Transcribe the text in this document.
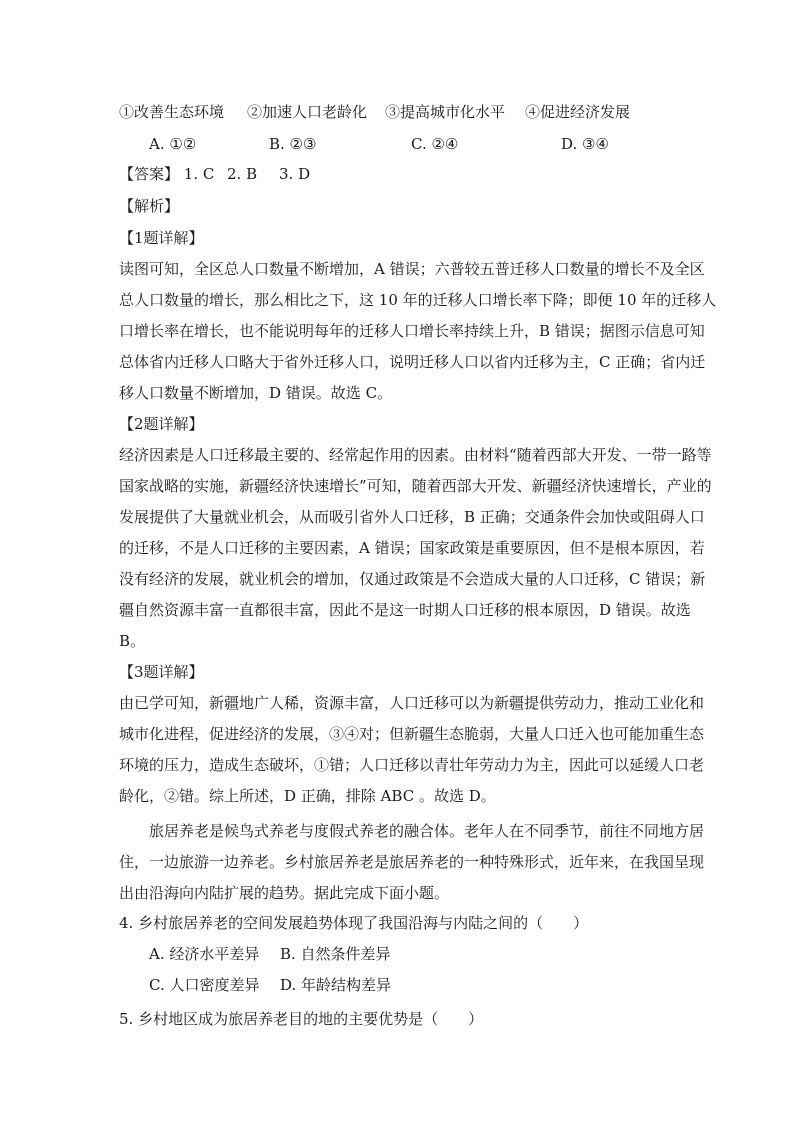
①改善生态环境 ②加速人口老龄化 ③提高城市化水平 ④促进经济发展
A. ①②	B. ②③	C. ②④	D. ③④
【答案】 1. C 2. B 3. D
【解析】
【1题详解】
读图可知，全区总人口数量不断增加，A 错误；六普较五普迁移人口数量的增长不及全区
总人口数量的增长，那么相比之下，这 10 年的迁移人口增长率下降；即便 10 年的迁移人
口增长率在增长，也不能说明每年的迁移人口增长率持续上升，B 错误；据图示信息可知
总体省内迁移人口略大于省外迁移人口，说明迁移人口以省内迁移为主，C 正确；省内迁
移人口数量不断增加，D 错误。故选 C。
【2题详解】
经济因素是人口迁移最主要的、经常起作用的因素。由材料“随着西部大开发、一带一路等
国家战略的实施，新疆经济快速增长”可知，随着西部大开发、新疆经济快速增长，产业的
发展提供了大量就业机会，从而吸引省外人口迁移，B 正确；交通条件会加快或阻碍人口
的迁移，不是人口迁移的主要因素，A 错误；国家政策是重要原因，但不是根本原因，若
没有经济的发展，就业机会的增加，仅通过政策是不会造成大量的人口迁移，C 错误；新
疆自然资源丰富一直都很丰富，因此不是这一时期人口迁移的根本原因，D 错误。故选
B。
【3题详解】
由已学可知，新疆地广人稀，资源丰富，人口迁移可以为新疆提供劳动力，推动工业化和
城市化进程，促进经济的发展，③④对；但新疆生态脆弱，大量人口迁入也可能加重生态
环境的压力，造成生态破坏，①错；人口迁移以青壮年劳动力为主，因此可以延缓人口老
龄化，②错。综上所述，D 正确，排除 ABC 。故选 D。
旅居养老是候鸟式养老与度假式养老的融合体。老年人在不同季节，前往不同地方居
住，一边旅游一边养老。乡村旅居养老是旅居养老的一种特殊形式，近年来，在我国呈现
出由沿海向内陆扩展的趋势。据此完成下面小题。
4. 乡村旅居养老的空间发展趋势体现了我国沿海与内陆之间的（　　）
A. 经济水平差异 B. 自然条件差异
C. 人口密度差异 D. 年龄结构差异
5. 乡村地区成为旅居养老目的地的主要优势是（　　）
